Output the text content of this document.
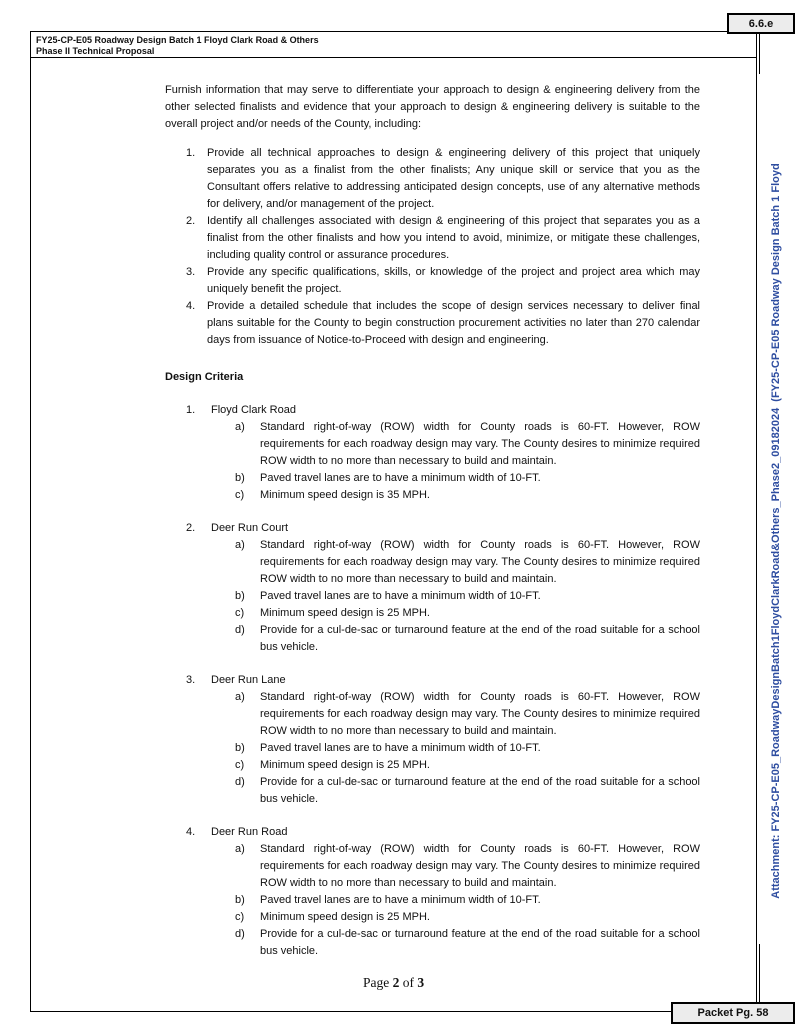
FY25-CP-E05 Roadway Design Batch 1 Floyd Clark Road & Others
Phase II Technical Proposal
6.6.e
Attachment: FY25-CP-E05_RoadwayDesignBatch1FloydClarkRoad&Others_Phase2_09182024  (FY25-CP-E05 Roadway Design Batch 1 Floyd
Furnish information that may serve to differentiate your approach to design & engineering delivery from the other selected finalists and evidence that your approach to design & engineering delivery is suitable to the overall project and/or needs of the County, including:
1.	Provide all technical approaches to design & engineering delivery of this project that uniquely separates you as a finalist from the other finalists; Any unique skill or service that you as the Consultant offers relative to addressing anticipated design concepts, use of any alternative methods for delivery, and/or management of the project.
2.	Identify all challenges associated with design & engineering of this project that separates you as a finalist from the other finalists and how you intend to avoid, minimize, or mitigate these challenges, including quality control or assurance procedures.
3.	Provide any specific qualifications, skills, or knowledge of the project and project area which may uniquely benefit the project.
4.	Provide a detailed schedule that includes the scope of design services necessary to deliver final plans suitable for the County to begin construction procurement activities no later than 270 calendar days from issuance of Notice-to-Proceed with design and engineering.
Design Criteria
1.	Floyd Clark Road
a)	Standard right-of-way (ROW) width for County roads is 60-FT. However, ROW requirements for each roadway design may vary. The County desires to minimize required ROW width to no more than necessary to build and maintain.
b)	Paved travel lanes are to have a minimum width of 10-FT.
c)	Minimum speed design is 35 MPH.
2.	Deer Run Court
a)	Standard right-of-way (ROW) width for County roads is 60-FT. However, ROW requirements for each roadway design may vary. The County desires to minimize required ROW width to no more than necessary to build and maintain.
b)	Paved travel lanes are to have a minimum width of 10-FT.
c)	Minimum speed design is 25 MPH.
d)	Provide for a cul-de-sac or turnaround feature at the end of the road suitable for a school bus vehicle.
3.	Deer Run Lane
a)	Standard right-of-way (ROW) width for County roads is 60-FT. However, ROW requirements for each roadway design may vary. The County desires to minimize required ROW width to no more than necessary to build and maintain.
b)	Paved travel lanes are to have a minimum width of 10-FT.
c)	Minimum speed design is 25 MPH.
d)	Provide for a cul-de-sac or turnaround feature at the end of the road suitable for a school bus vehicle.
4.	Deer Run Road
a)	Standard right-of-way (ROW) width for County roads is 60-FT. However, ROW requirements for each roadway design may vary. The County desires to minimize required ROW width to no more than necessary to build and maintain.
b)	Paved travel lanes are to have a minimum width of 10-FT.
c)	Minimum speed design is 25 MPH.
d)	Provide for a cul-de-sac or turnaround feature at the end of the road suitable for a school bus vehicle.
Page 2 of 3
Packet Pg. 58
